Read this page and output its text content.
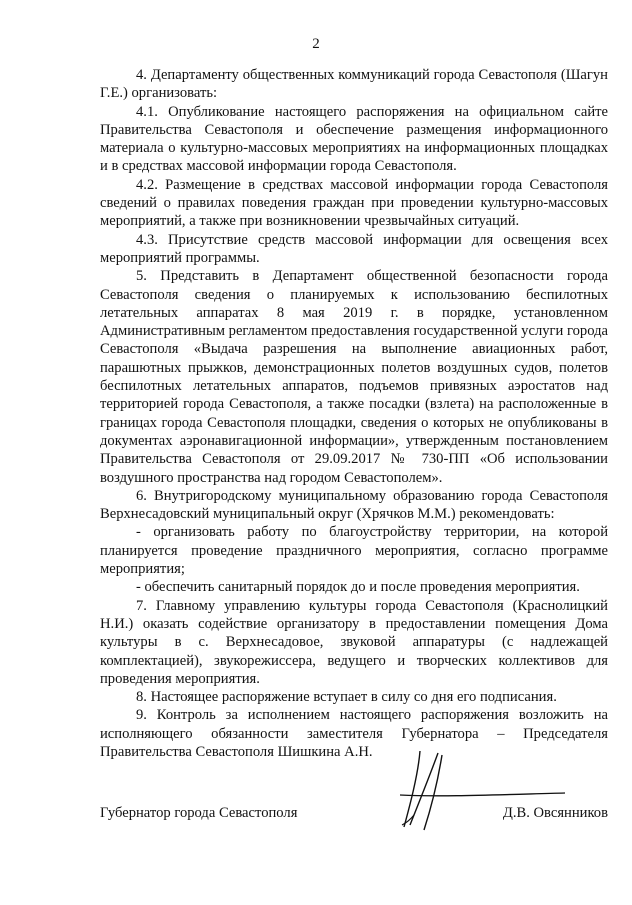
2

4. Департаменту общественных коммуникаций города Севастополя (Шагун Г.Е.) организовать:

4.1. Опубликование настоящего распоряжения на официальном сайте Правительства Севастополя и обеспечение размещения информационного материала о культурно-массовых мероприятиях на информационных площадках и в средствах массовой информации города Севастополя.

4.2. Размещение в средствах массовой информации города Севастополя сведений о правилах поведения граждан при проведении культурно-массовых мероприятий, а также при возникновении чрезвычайных ситуаций.

4.3. Присутствие средств массовой информации для освещения всех мероприятий программы.

5. Представить в Департамент общественной безопасности города Севастополя сведения о планируемых к использованию беспилотных летательных аппаратах 8 мая 2019 г. в порядке, установленном Административным регламентом предоставления государственной услуги города Севастополя «Выдача разрешения на выполнение авиационных работ, парашютных прыжков, демонстрационных полетов воздушных судов, полетов беспилотных летательных аппаратов, подъемов привязных аэростатов над территорией города Севастополя, а также посадки (взлета) на расположенные в границах города Севастополя площадки, сведения о которых не опубликованы в документах аэронавигационной информации», утвержденным постановлением Правительства Севастополя от 29.09.2017 № 730-ПП «Об использовании воздушного пространства над городом Севастополем».

6. Внутригородскому муниципальному образованию города Севастополя Верхнесадовский муниципальный округ (Хрячков М.М.) рекомендовать:

- организовать работу по благоустройству территории, на которой планируется проведение праздничного мероприятия, согласно программе мероприятия;

- обеспечить санитарный порядок до и после проведения мероприятия.

7. Главному управлению культуры города Севастополя (Краснолицкий Н.И.) оказать содействие организатору в предоставлении помещения Дома культуры в с. Верхнесадовое, звуковой аппаратуры (с надлежащей комплектацией), звукорежиссера, ведущего и творческих коллективов для проведения мероприятия.

8. Настоящее распоряжение вступает в силу со дня его подписания.

9. Контроль за исполнением настоящего распоряжения возложить на исполняющего обязанности заместителя Губернатора – Председателя Правительства Севастополя Шишкина А.Н.

Губернатор города Севастополя	Д.В. Овсянников
